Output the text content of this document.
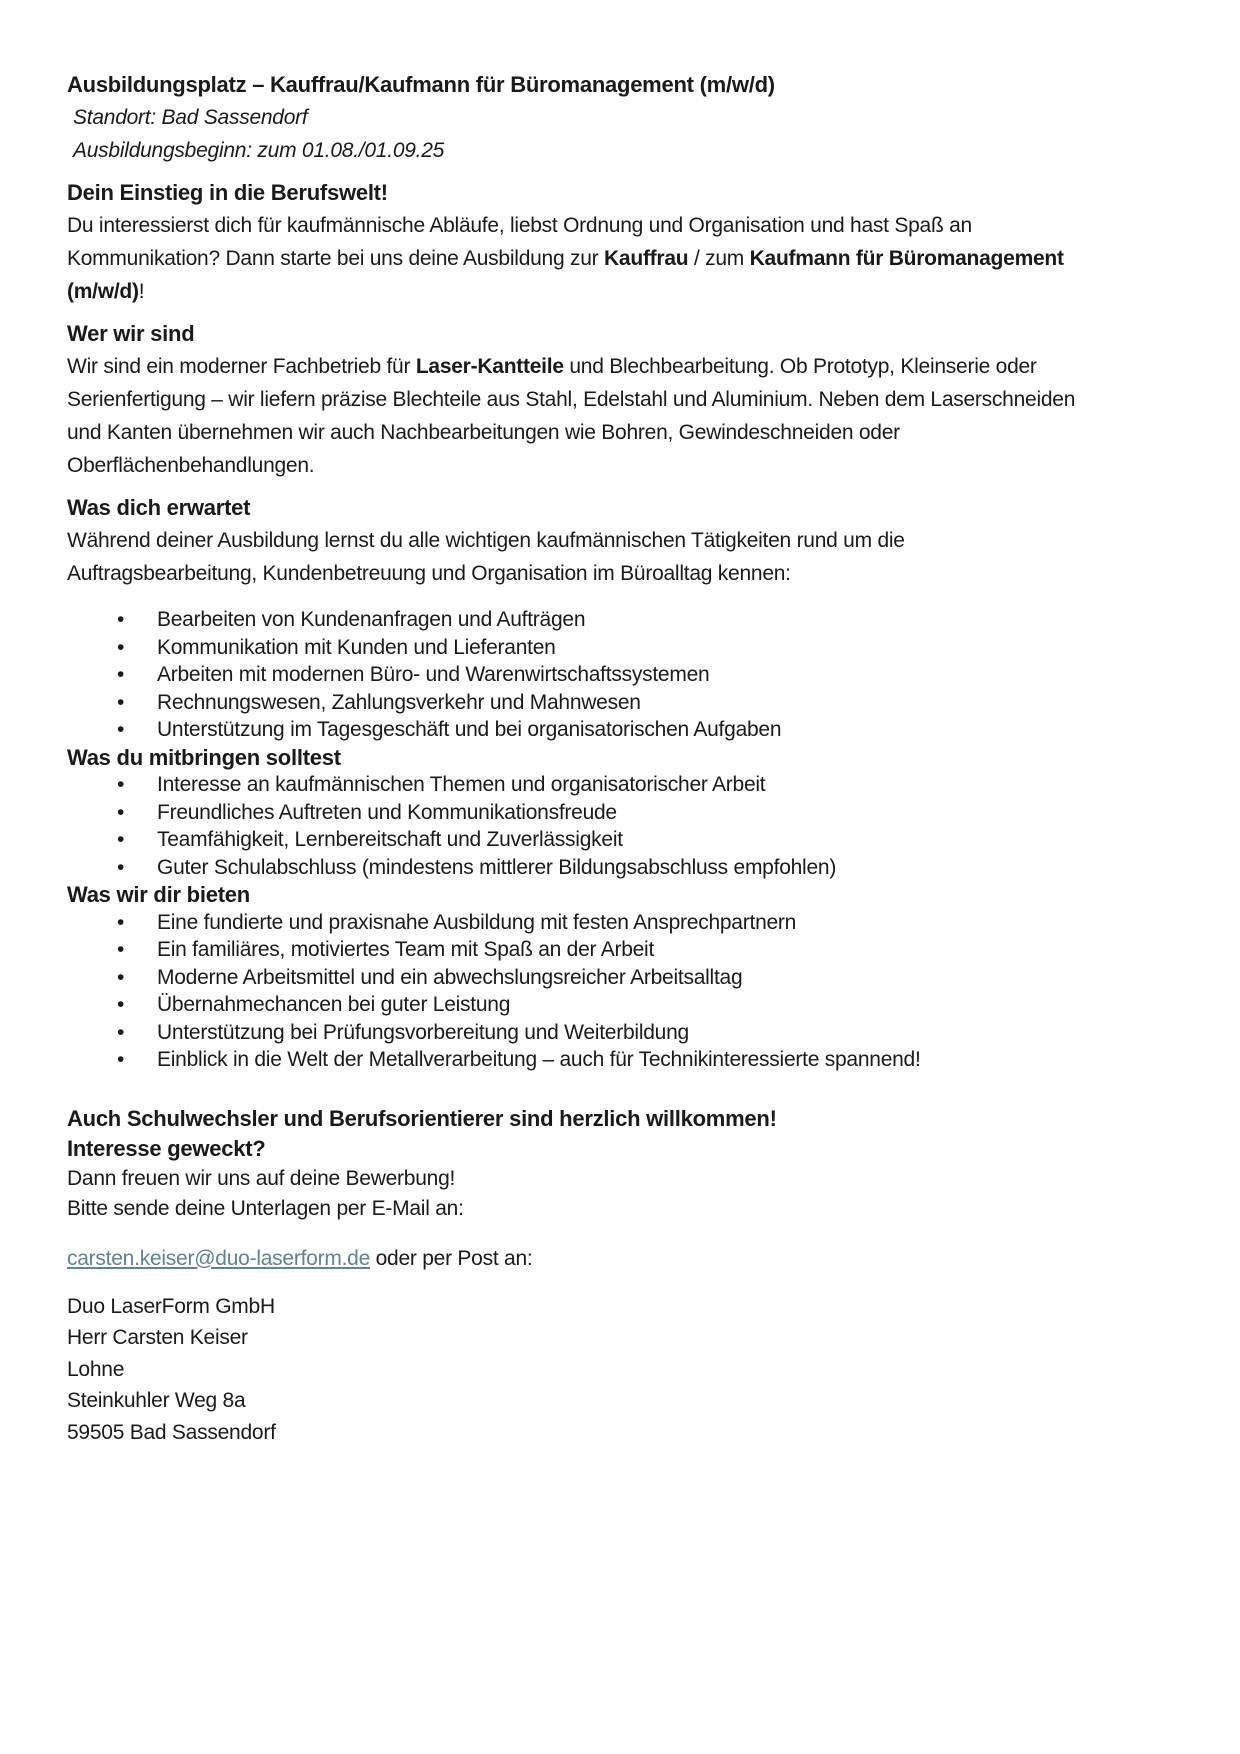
Ausbildungsplatz – Kauffrau/Kaufmann für Büromanagement (m/w/d)

Standort: Bad Sassendorf

Ausbildungsbeginn: zum 01.08./01.09.25

Dein Einstieg in die Berufswelt!

Du interessierst dich für kaufmännische Abläufe, liebst Ordnung und Organisation und hast Spaß an Kommunikation? Dann starte bei uns deine Ausbildung zur Kauffrau / zum Kaufmann für Büromanagement (m/w/d)!

Wer wir sind

Wir sind ein moderner Fachbetrieb für Laser-Kantteile und Blechbearbeitung. Ob Prototyp, Kleinserie oder Serienfertigung – wir liefern präzise Blechteile aus Stahl, Edelstahl und Aluminium. Neben dem Laserschneiden und Kanten übernehmen wir auch Nachbearbeitungen wie Bohren, Gewindeschneiden oder Oberflächenbehandlungen.

Was dich erwartet

Während deiner Ausbildung lernst du alle wichtigen kaufmännischen Tätigkeiten rund um die Auftragsbearbeitung, Kundenbetreuung und Organisation im Büroalltag kennen:

• Bearbeiten von Kundenanfragen und Aufträgen
• Kommunikation mit Kunden und Lieferanten
• Arbeiten mit modernen Büro- und Warenwirtschaftssystemen
• Rechnungswesen, Zahlungsverkehr und Mahnwesen
• Unterstützung im Tagesgeschäft und bei organisatorischen Aufgaben
Was du mitbringen solltest
• Interesse an kaufmännischen Themen und organisatorischer Arbeit
• Freundliches Auftreten und Kommunikationsfreude
• Teamfähigkeit, Lernbereitschaft und Zuverlässigkeit
• Guter Schulabschluss (mindestens mittlerer Bildungsabschluss empfohlen)
Was wir dir bieten
• Eine fundierte und praxisnahe Ausbildung mit festen Ansprechpartnern
• Ein familiäres, motiviertes Team mit Spaß an der Arbeit
• Moderne Arbeitsmittel und ein abwechslungsreicher Arbeitsalltag
• Übernahmechancen bei guter Leistung
• Unterstützung bei Prüfungsvorbereitung und Weiterbildung
• Einblick in die Welt der Metallverarbeitung – auch für Technikinteressierte spannend!

Auch Schulwechsler und Berufsorientierer sind herzlich willkommen!

Interesse geweckt?

Dann freuen wir uns auf deine Bewerbung!

Bitte sende deine Unterlagen per E-Mail an:

carsten.keiser@duo-laserform.de oder per Post an:

Duo LaserForm GmbH

Herr Carsten Keiser

Lohne

Steinkuhler Weg 8a

59505 Bad Sassendorf
